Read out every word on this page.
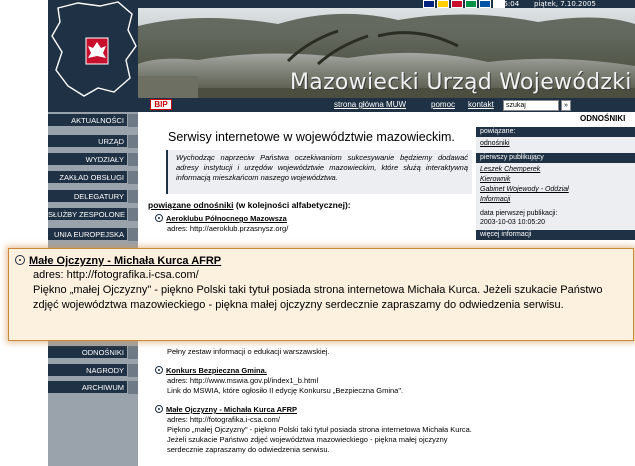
15:04 piątek, 7.10.2005
Mazowiecki Urząd Wojewódzki
BIP	strona główna MUW	pomoc kontakt
szukaj	»
AKTUALNOŚCI
URZĄD
WYDZIAŁY
ZAKŁAD OBSŁUGI
DELEGATURY
SŁUŻBY ZESPOLONE
UNIA EUROPEJSKA
ODNOŚNIKI
NAGRODY
ARCHIWUM
ODNOŚNIKI
Serwisy internetowe w województwie mazowieckim.
Wychodząc naprzeciw Państwa oczekiwaniom sukcesywanie będziemy dodawać adresy instytucji i urzędów województwie mazowieckim, które służą interaktywną informacją mieszkańcom naszego województwa.
powiązane odnośniki (w kolejności alfabetycznej):
Aeroklubu Północnego Mazowsza
adres: http://aeroklub.przasnysz.org/
Pełny zestaw informacji o edukacji warszawskiej.
Konkurs Bezpieczna Gmina.
adres: http://www.mswia.gov.pl/index1_b.html
Link do MSWIA, które ogłosiło II edycję Konkursu „Bezpieczna Gmina".
Małe Ojczyzny - Michała Kurca AFRP
adres: http://fotografika.i-csa.com/
Piękno „małej Ojczyzny" - piękno Polski taki tytuł posiada strona internetowa Michała Kurca. Jeżeli szukacie Państwo zdjęć województwa mazowieckiego - piękna małej ojczyzny serdecznie zapraszamy do odwiedzenia serwisu.
powiązane:
odnośniki
pierwszy publikujący
Leszek Chemperek
Kierownik
Gabinet Wojewody - Oddział
Informacji
data pierwszej publikacji:
2003-10-03 10:05:20
więcej informacji
Małe Ojczyzny - Michała Kurca AFRP
adres: http://fotografika.i-csa.com/
Piękno „małej Ojczyzny" - piękno Polski taki tytuł posiada strona internetowa Michała Kurca. Jeżeli szukacie Państwo zdjęć województwa mazowieckiego - piękna małej ojczyzny serdecznie zapraszamy do odwiedzenia serwisu.
